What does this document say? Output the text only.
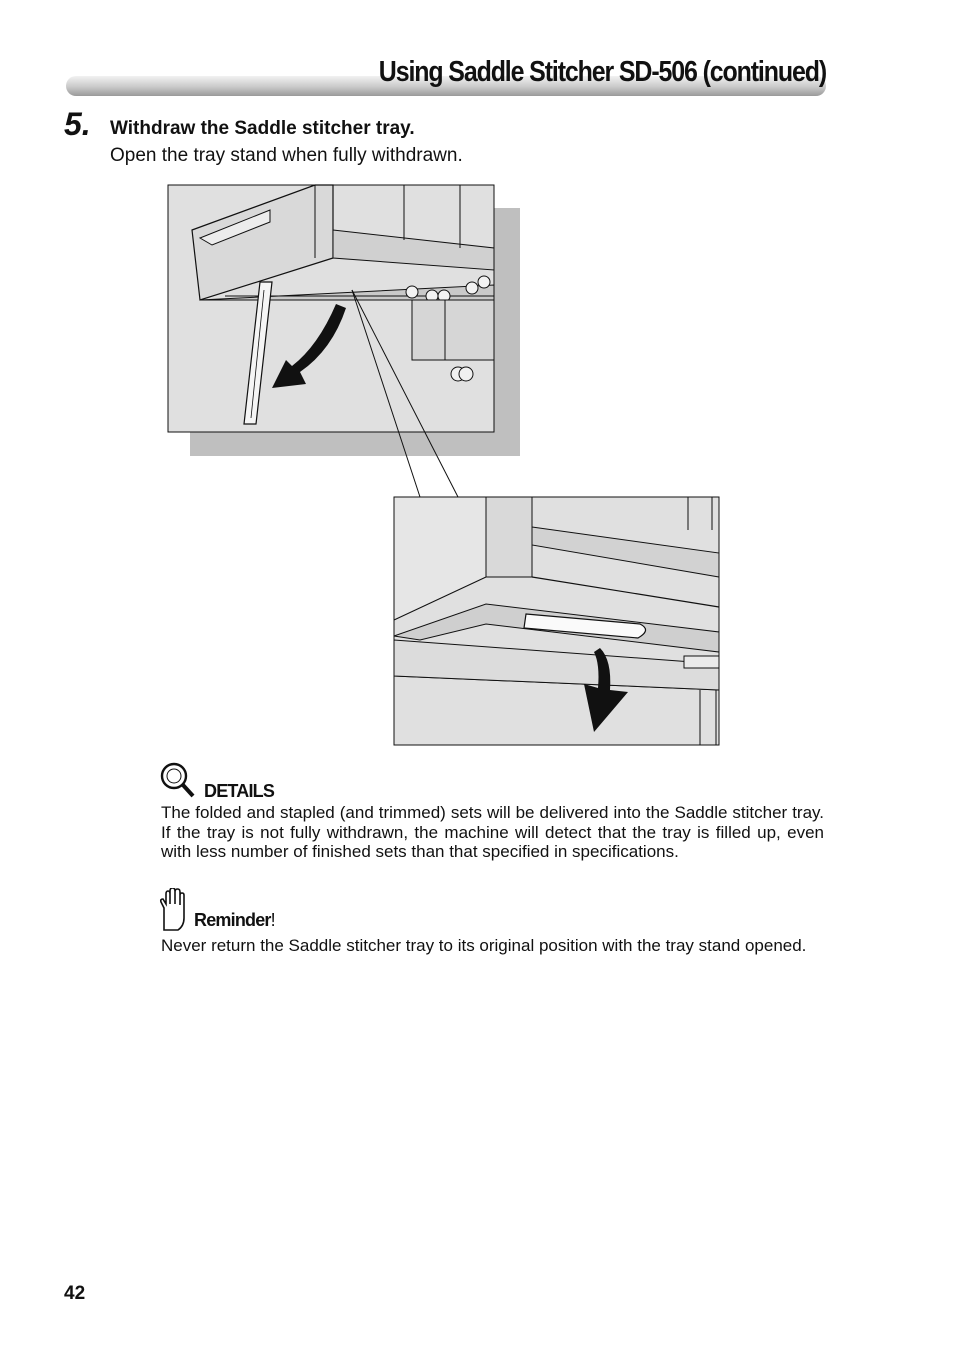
Using Saddle Stitcher SD-506 (continued)
5. Withdraw the Saddle stitcher tray.
Open the tray stand when fully withdrawn.
DETAILS
The folded and stapled (and trimmed) sets will be delivered into the Saddle stitcher tray. If the tray is not fully withdrawn, the machine will detect that the tray is filled up, even with less number of finished sets than that specified in specifications.
Reminder!
Never return the Saddle stitcher tray to its original position with the tray stand opened.
42
